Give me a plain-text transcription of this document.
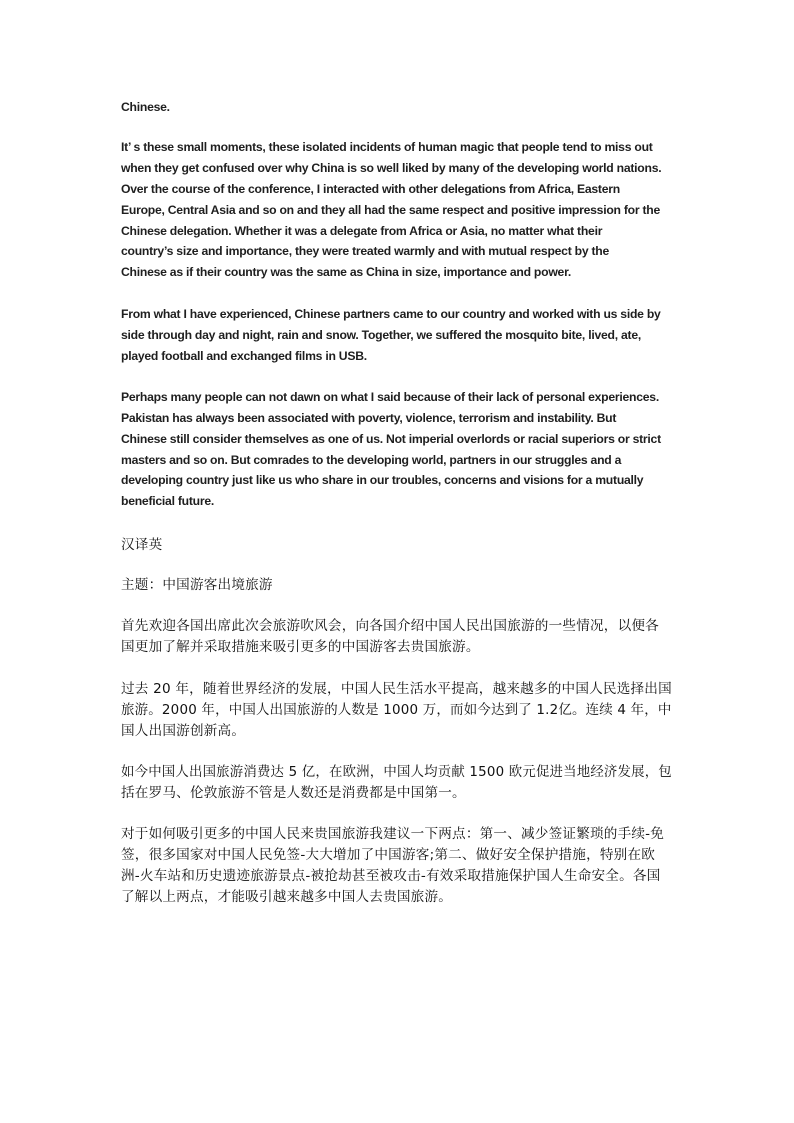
Chinese.
It’ s these small moments, these isolated incidents of human magic that people tend to miss out
when they get confused over why China is so well liked by many of the developing world nations.
Over the course of the conference, I interacted with other delegations from Africa, Eastern
Europe, Central Asia and so on and they all had the same respect and positive impression for the
Chinese delegation. Whether it was a delegate from Africa or Asia, no matter what their
country’s size and importance, they were treated warmly and with mutual respect by the
Chinese as if their country was the same as China in size, importance and power.
From what I have experienced, Chinese partners came to our country and worked with us side by
side through day and night, rain and snow. Together, we suffered the mosquito bite, lived, ate,
played football and exchanged films in USB.
Perhaps many people can not dawn on what I said because of their lack of personal experiences.
Pakistan has always been associated with poverty, violence, terrorism and instability. But
Chinese still consider themselves as one of us. Not imperial overlords or racial superiors or strict
masters and so on. But comrades to the developing world, partners in our struggles and a
developing country just like us who share in our troubles, concerns and visions for a mutually
beneficial future.
汉译英
主题：中国游客出境旅游
首先欢迎各国出席此次会旅游吹风会，向各国介绍中国人民出国旅游的一些情况，以便各
国更加了解并采取措施来吸引更多的中国游客去贵国旅游。
过去 20 年，随着世界经济的发展，中国人民生活水平提高，越来越多的中国人民选择出国
旅游。2000 年，中国人出国旅游的人数是 1000 万，而如今达到了 1.2亿。连续 4 年，中
国人出国游创新高。
如今中国人出国旅游消费达 5 亿，在欧洲，中国人均贡献 1500 欧元促进当地经济发展，包
括在罗马、伦敦旅游不管是人数还是消费都是中国第一。
对于如何吸引更多的中国人民来贵国旅游我建议一下两点：第一、减少签证繁琐的手续-免
签，很多国家对中国人民免签-大大增加了中国游客;第二、做好安全保护措施，特别在欧
洲-火车站和历史遗迹旅游景点-被抢劫甚至被攻击-有效采取措施保护国人生命安全。各国
了解以上两点，才能吸引越来越多中国人去贵国旅游。
